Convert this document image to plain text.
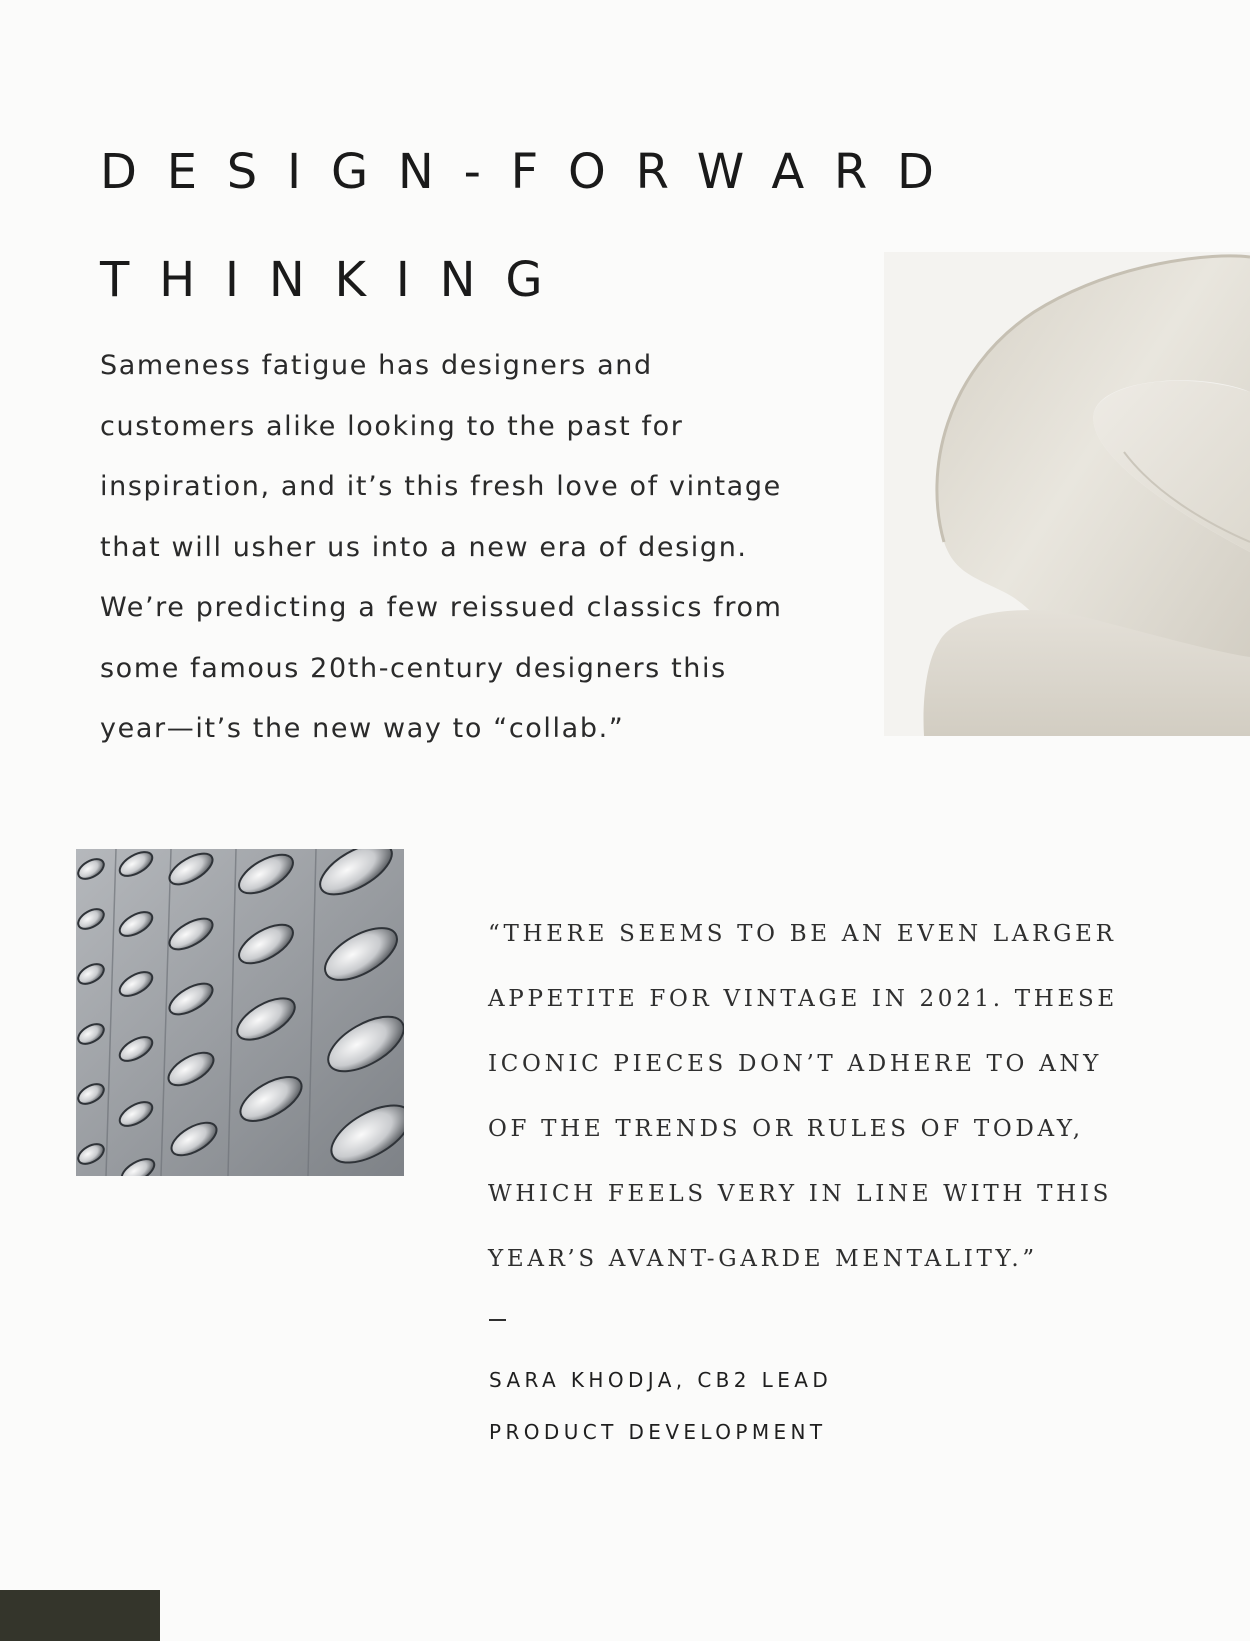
DESIGN-FORWARD
THINKING

Sameness fatigue has designers and
customers alike looking to the past for
inspiration, and it’s this fresh love of vintage
that will usher us into a new era of design.
We’re predicting a few reissued classics from
some famous 20th-century designers this
year—it’s the new way to “collab.”

“THERE SEEMS TO BE AN EVEN LARGER
APPETITE FOR VINTAGE IN 2021. THESE
ICONIC PIECES DON’T ADHERE TO ANY
OF THE TRENDS OR RULES OF TODAY,
WHICH FEELS VERY IN LINE WITH THIS
YEAR’S AVANT-GARDE MENTALITY.”

SARA KHODJA, CB2 LEAD
PRODUCT DEVELOPMENT
